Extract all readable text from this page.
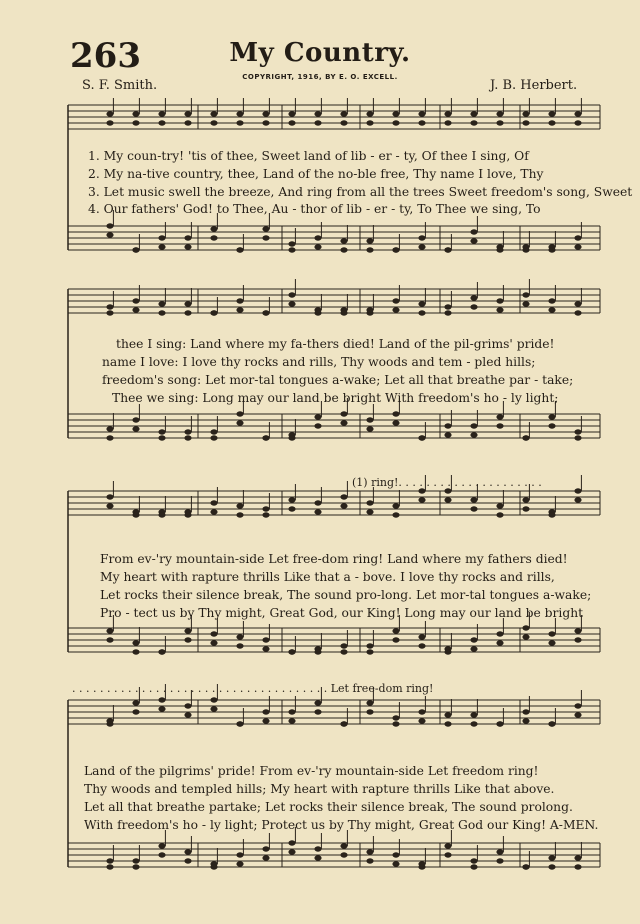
263	My Country.
S. F. Smith.	J. B. Herbert.
COPYRIGHT, 1916, BY E. O. EXCELL.
1. My coun-try! 'tis of thee, Sweet land of lib - er - ty, Of thee I sing, Of
2. My na-tive country, thee, Land of the no-ble free, Thy name I love, Thy
3. Let music swell the breeze, And ring from all the trees Sweet freedom's song, Sweet
4. Our fathers' God! to Thee, Au - thor of lib - er - ty, To Thee we sing, To
thee I sing: Land where my fa-thers died! Land of the pil-grims' pride!
name I love: I love thy rocks and rills, Thy woods and tem - pled hills;
freedom's song: Let mor-tal tongues a-wake; Let all that breathe par - take;
Thee we sing: Long may our land be bright With freedom's ho - ly light;
(1) ring!. . . . . . . . . . . . . . . . . . . . .
From ev-'ry mountain-side Let free-dom ring! Land where my fathers died!
My heart with rapture thrills Like that a - bove. I love thy rocks and rills,
Let rocks their silence break, The sound pro-long. Let mor-tal tongues a-wake;
Pro - tect us by Thy might, Great God, our King! Long may our land be bright
. . . . . . . . . . . . . . . . . . . . . . . . . . . . . . . . . . . . . Let free-dom ring!
Land of the pilgrims' pride! From ev-'ry mountain-side Let freedom ring!
Thy woods and templed hills; My heart with rapture thrills Like that above.
Let all that breathe partake; Let rocks their silence break, The sound prolong.
With freedom's ho - ly light; Protect us by Thy might, Great God our King! A-MEN.
